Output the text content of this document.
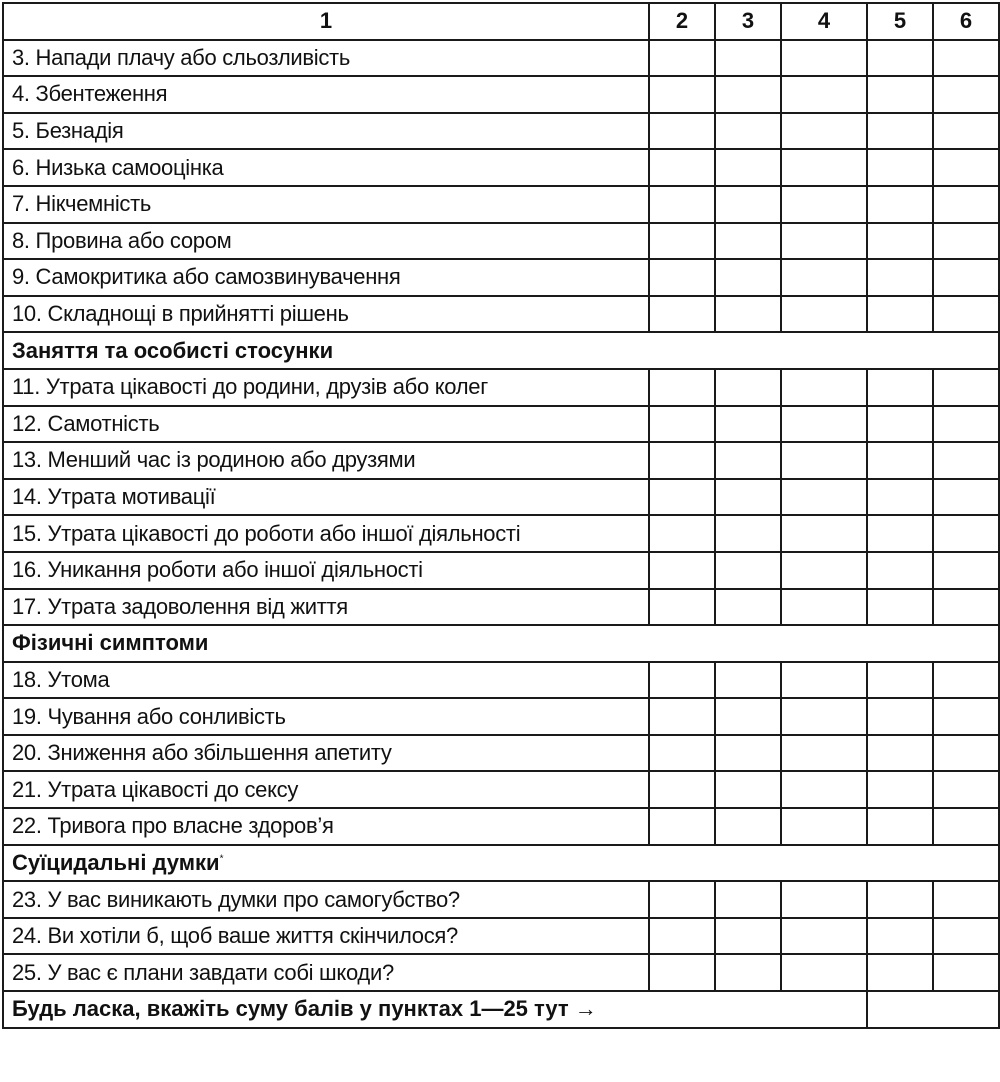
1	2	3	4	5	6
3. Напади плачу або сльозливість					
4. Збентеження					
5. Безнадія					
6. Низька самооцінка					
7. Нікчемність					
8. Провина або сором					
9. Самокритика або самозвинувачення					
10. Складнощі в прийнятті рішень					
Заняття та особисті стосунки					
11. Утрата цікавості до родини, друзів або колег					
12. Самотність					
13. Менший час із родиною або друзями					
14. Утрата мотивації					
15. Утрата цікавості до роботи або іншої діяльності					
16. Уникання роботи або іншої діяльності					
17. Утрата задоволення від життя					
Фізичні симптоми					
18. Утома					
19. Чування або сонливість					
20. Зниження або збільшення апетиту					
21. Утрата цікавості до сексу					
22. Тривога про власне здоров’я					
Суїцидальні думки*
23. У вас виникають думки про самогубство?					
24. Ви хотіли б, щоб ваше життя скінчилося?					
25. У вас є плани завдати собі шкоди?					
Будь ласка, вкажіть суму балів у пунктах 1—25 тут →					
